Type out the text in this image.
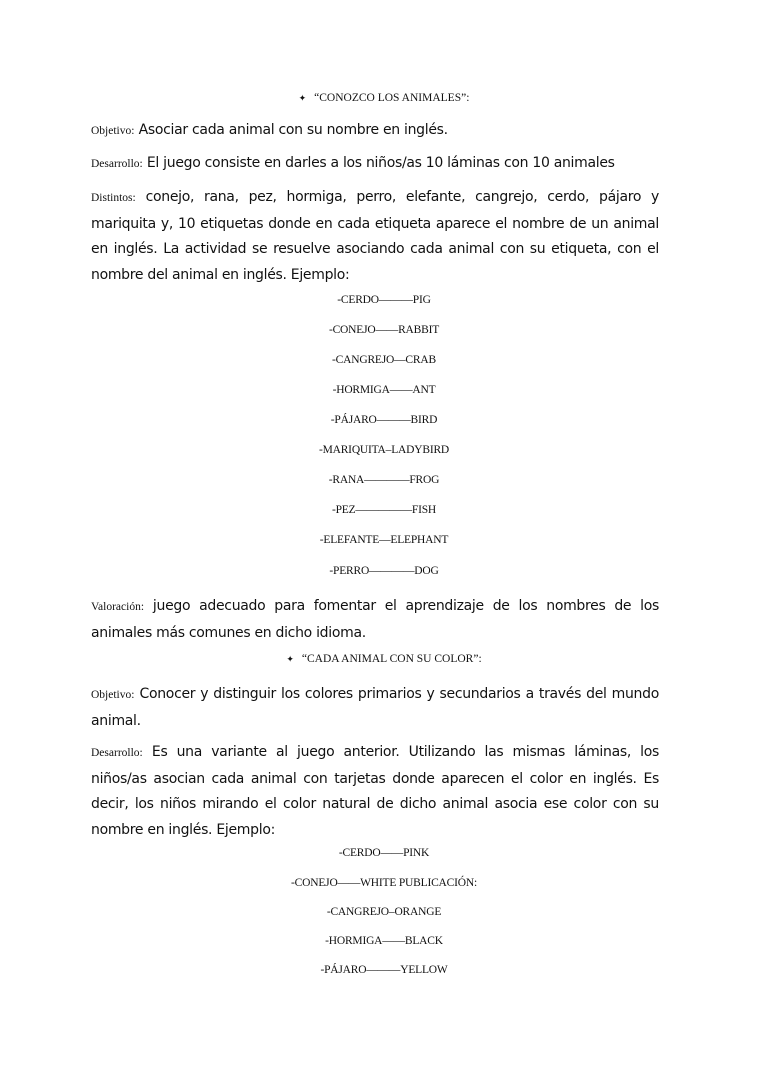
✦ “CONOZCO LOS ANIMALES”:
Objetivo: Asociar cada animal con su nombre en inglés.
Desarrollo: El juego consiste en darles a los niños/as 10 láminas con 10 animales
Distintos: conejo, rana, pez, hormiga, perro, elefante, cangrejo, cerdo, pájaro y mariquita y, 10 etiquetas donde en cada etiqueta aparece el nombre de un animal en inglés. La actividad se resuelve asociando cada animal con su etiqueta, con el nombre del animal en inglés. Ejemplo:
-CERDO———PIG
-CONEJO——RABBIT
-CANGREJO—CRAB
-HORMIGA——ANT
-PÁJARO———BIRD
-MARIQUITA–LADYBIRD
-RANA————FROG
-PEZ—————FISH
-ELEFANTE—ELEPHANT
-PERRO————DOG
Valoración: juego adecuado para fomentar el aprendizaje de los nombres de los animales más comunes en dicho idioma.
✦ “CADA ANIMAL CON SU COLOR”:
Objetivo: Conocer y distinguir los colores primarios y secundarios a través del mundo animal.
Desarrollo: Es una variante al juego anterior. Utilizando las mismas láminas, los niños/as asocian cada animal con tarjetas donde aparecen el color en inglés. Es decir, los niños mirando el color natural de dicho animal asocia ese color con su nombre en inglés. Ejemplo:
-CERDO——PINK
-CONEJO——WHITE PUBLICACIÓN:
-CANGREJO–ORANGE
-HORMIGA——BLACK
-PÁJARO———YELLOW
